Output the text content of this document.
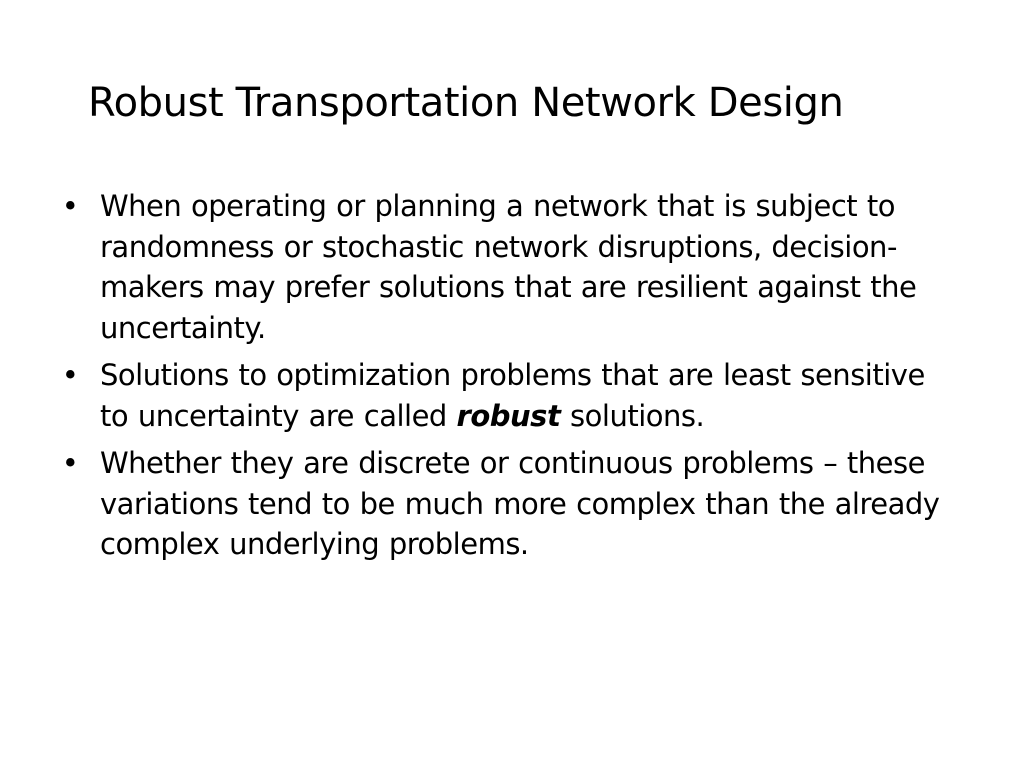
Robust Transportation Network Design
• When operating or planning a network that is subject to randomness or stochastic network disruptions, decision-makers may prefer solutions that are resilient against the uncertainty.
• Solutions to optimization problems that are least sensitive to uncertainty are called robust solutions.
• Whether they are discrete or continuous problems – these variations tend to be much more complex than the already complex underlying problems.
